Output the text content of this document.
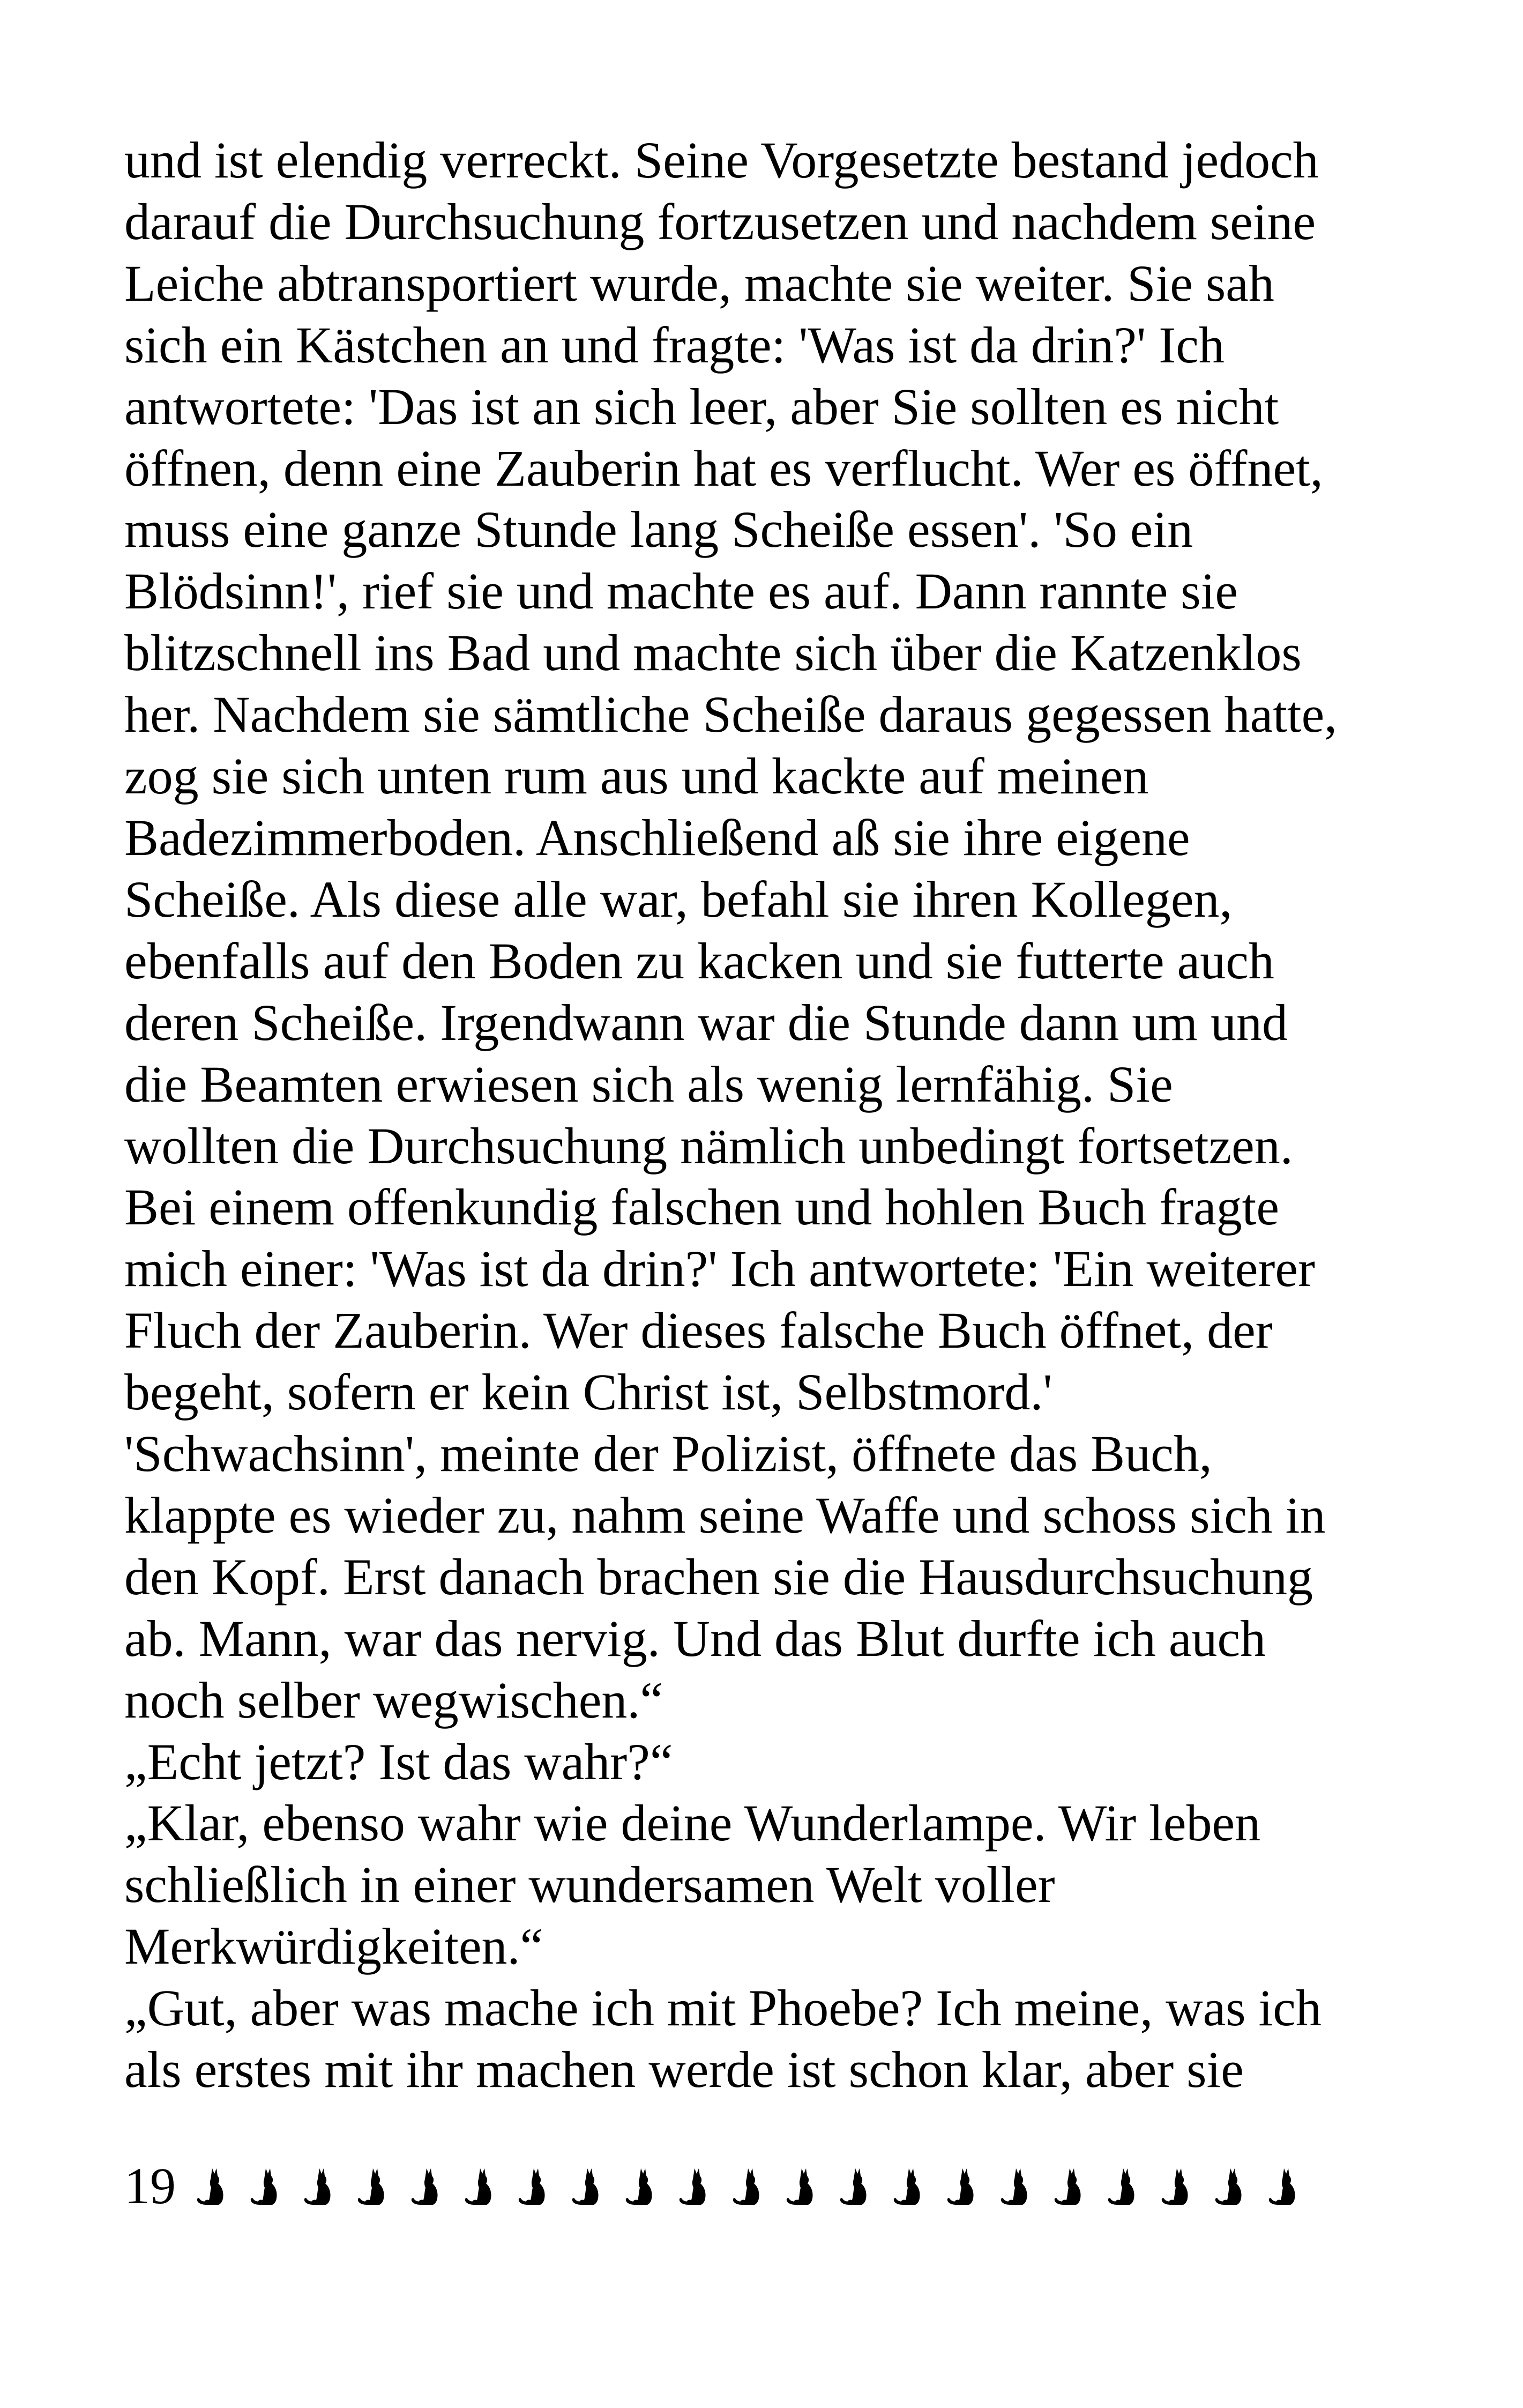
und ist elendig verreckt. Seine Vorgesetzte bestand jedoch
darauf die Durchsuchung fortzusetzen und nachdem seine
Leiche abtransportiert wurde, machte sie weiter. Sie sah
sich ein Kästchen an und fragte: 'Was ist da drin?' Ich
antwortete: 'Das ist an sich leer, aber Sie sollten es nicht
öffnen, denn eine Zauberin hat es verflucht. Wer es öffnet,
muss eine ganze Stunde lang Scheiße essen'. 'So ein
Blödsinn!', rief sie und machte es auf. Dann rannte sie
blitzschnell ins Bad und machte sich über die Katzenklos
her. Nachdem sie sämtliche Scheiße daraus gegessen hatte,
zog sie sich unten rum aus und kackte auf meinen
Badezimmerboden. Anschließend aß sie ihre eigene
Scheiße. Als diese alle war, befahl sie ihren Kollegen,
ebenfalls auf den Boden zu kacken und sie futterte auch
deren Scheiße. Irgendwann war die Stunde dann um und
die Beamten erwiesen sich als wenig lernfähig. Sie
wollten die Durchsuchung nämlich unbedingt fortsetzen.
Bei einem offenkundig falschen und hohlen Buch fragte
mich einer: 'Was ist da drin?' Ich antwortete: 'Ein weiterer
Fluch der Zauberin. Wer dieses falsche Buch öffnet, der
begeht, sofern er kein Christ ist, Selbstmord.'
'Schwachsinn', meinte der Polizist, öffnete das Buch,
klappte es wieder zu, nahm seine Waffe und schoss sich in
den Kopf. Erst danach brachen sie die Hausdurchsuchung
ab. Mann, war das nervig. Und das Blut durfte ich auch
noch selber wegwischen.“
„Echt jetzt? Ist das wahr?“
„Klar, ebenso wahr wie deine Wunderlampe. Wir leben
schließlich in einer wundersamen Welt voller
Merkwürdigkeiten.“
„Gut, aber was mache ich mit Phoebe? Ich meine, was ich
als erstes mit ihr machen werde ist schon klar, aber sie
19
